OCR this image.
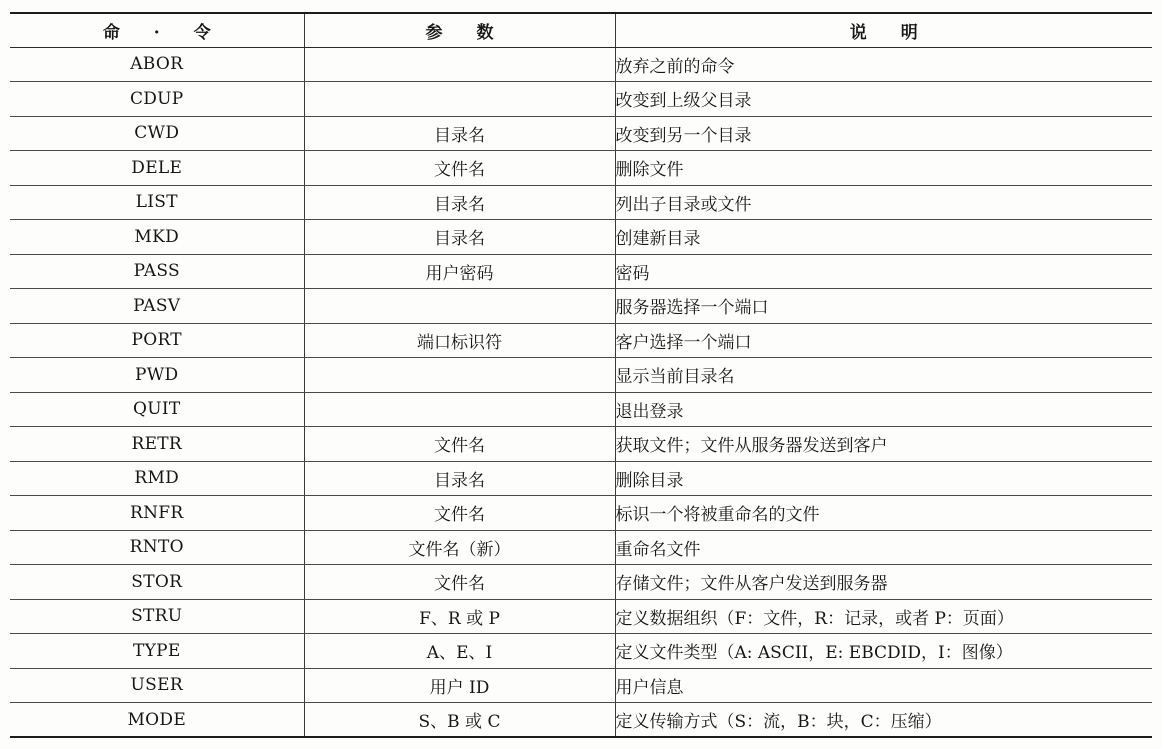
命 · 令	参 数	说 明
ABOR		放弃之前的命令
CDUP		改变到上级父目录
CWD	目录名	改变到另一个目录
DELE	文件名	删除文件
LIST	目录名	列出子目录或文件
MKD	目录名	创建新目录
PASS	用户密码	密码
PASV		服务器选择一个端口
PORT	端口标识符	客户选择一个端口
PWD		显示当前目录名
QUIT		退出登录
RETR	文件名	获取文件；文件从服务器发送到客户
RMD	目录名	删除目录
RNFR	文件名	标识一个将被重命名的文件
RNTO	文件名（新）	重命名文件
STOR	文件名	存储文件；文件从客户发送到服务器
STRU	F、R 或 P	定义数据组织（F：文件，R：记录，或者 P：页面）
TYPE	A、E、I	定义文件类型（A: ASCII，E: EBCDID，I：图像）
USER	用户 ID	用户信息
MODE	S、B 或 C	定义传输方式（S：流，B：块，C：压缩）
